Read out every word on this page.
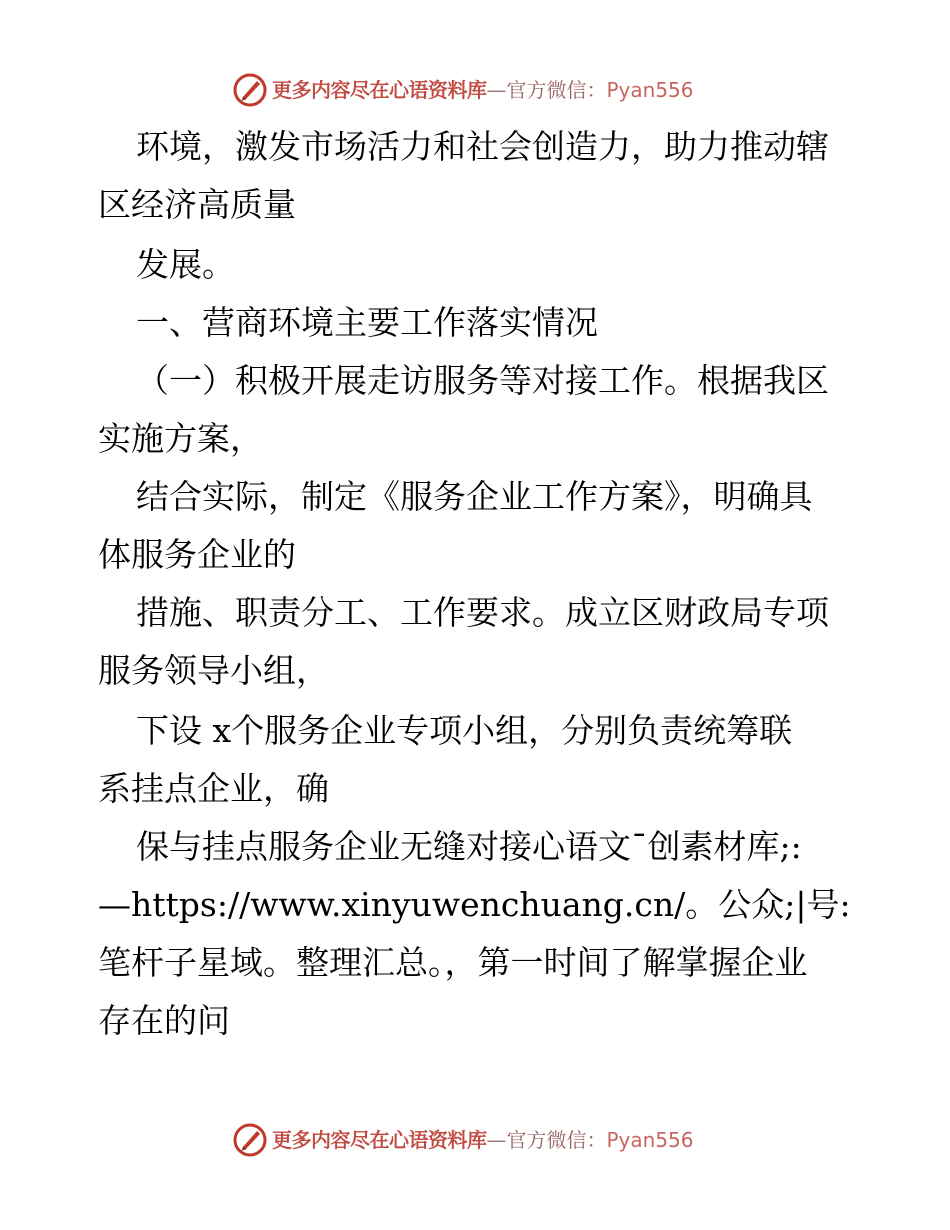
更多内容尽在心语资料库—官方微信：Pyan556
环境，激发市场活力和社会创造力，助力推动辖
区经济高质量
发展。
一、营商环境主要工作落实情况
（一）积极开展走访服务等对接工作。根据我区
实施方案，
结合实际，制定《服务企业工作方案》，明确具
体服务企业的
措施、职责分工、工作要求。成立区财政局专项
服务领导小组，
下设 x个服务企业专项小组，分别负责统筹联
系挂点企业，确
保与挂点服务企业无缝对接心语文¯创素材库;:
—https://www.xinyuwenchuang.cn/。公众;|号:
笔杆子星域。整理汇总。，第一时间了解掌握企业
存在的问
更多内容尽在心语资料库—官方微信：Pyan556
